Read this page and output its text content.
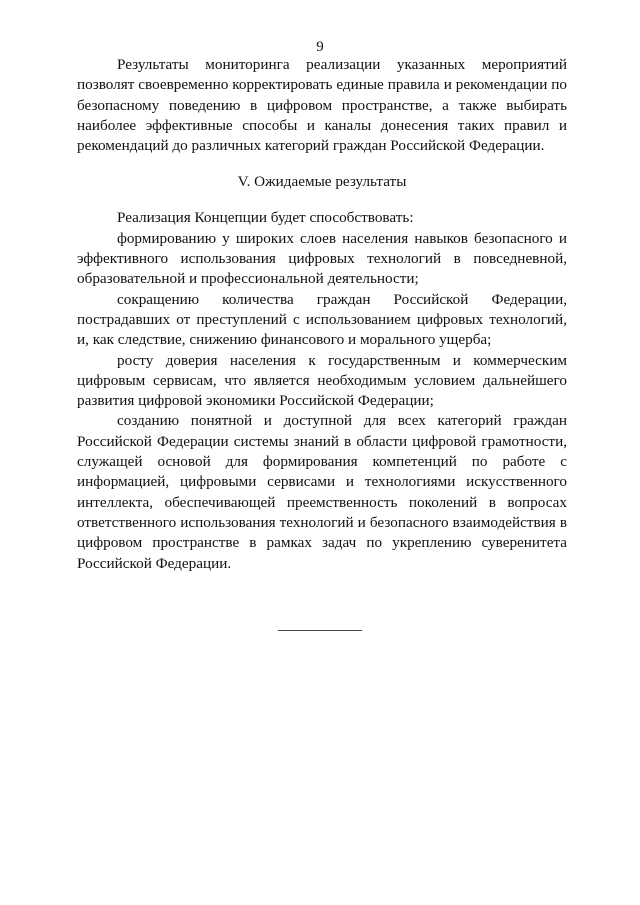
9

Результаты мониторинга реализации указанных мероприятий позволят своевременно корректировать единые правила и рекомендации по безопасному поведению в цифровом пространстве, а также выбирать наиболее эффективные способы и каналы донесения таких правил и рекомендаций до различных категорий граждан Российской Федерации.

V. Ожидаемые результаты

Реализация Концепции будет способствовать:

формированию у широких слоев населения навыков безопасного и эффективного использования цифровых технологий в повседневной, образовательной и профессиональной деятельности;

сокращению количества граждан Российской Федерации, пострадавших от преступлений с использованием цифровых технологий, и, как следствие, снижению финансового и морального ущерба;

росту доверия населения к государственным и коммерческим цифровым сервисам, что является необходимым условием дальнейшего развития цифровой экономики Российской Федерации;

созданию понятной и доступной для всех категорий граждан Российской Федерации системы знаний в области цифровой грамотности, служащей основой для формирования компетенций по работе с информацией, цифровыми сервисами и технологиями искусственного интеллекта, обеспечивающей преемственность поколений в вопросах ответственного использования технологий и безопасного взаимодействия в цифровом пространстве в рамках задач по укреплению суверенитета Российской Федерации.
